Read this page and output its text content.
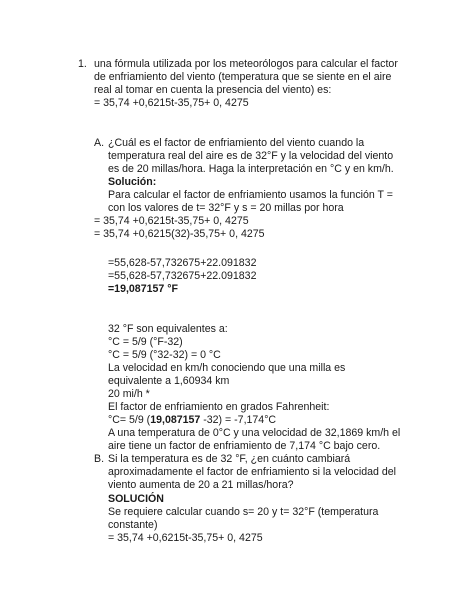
1. una fórmula utilizada por los meteorólogos para calcular el factor
de enfriamiento del viento (temperatura que se siente en el aire
real al tomar en cuenta la presencia del viento) es:
= 35,74 +0,6215t-35,75+ 0, 4275
A. ¿Cuál es el factor de enfriamiento del viento cuando la
temperatura real del aire es de 32°F y la velocidad del viento
es de 20 millas/hora. Haga la interpretación en °C y en km/h.
Solución:
Para calcular el factor de enfriamiento usamos la función T =
con los valores de t= 32°F y s = 20 millas por hora
= 35,74 +0,6215t-35,75+ 0, 4275
= 35,74 +0,6215(32)-35,75+ 0, 4275
=55,628-57,732675+22.091832
=55,628-57,732675+22.091832
=19,087157 °F
32 °F son equivalentes a:
°C = 5/9 (°F-32)
°C = 5/9 (°32-32) = 0 °C
La velocidad en km/h conociendo que una milla es
equivalente a 1,60934 km
20 mi/h *
El factor de enfriamiento en grados Fahrenheit:
°C= 5/9 (19,087157 -32) = -7,174°C
A una temperatura de 0°C y una velocidad de 32,1869 km/h el
aire tiene un factor de enfriamiento de 7,174 °C bajo cero.
B. Si la temperatura es de 32 °F, ¿en cuánto cambiará
aproximadamente el factor de enfriamiento si la velocidad del
viento aumenta de 20 a 21 millas/hora?
SOLUCIÓN
Se requiere calcular cuando s= 20 y t= 32°F (temperatura
constante)
= 35,74 +0,6215t-35,75+ 0, 4275
